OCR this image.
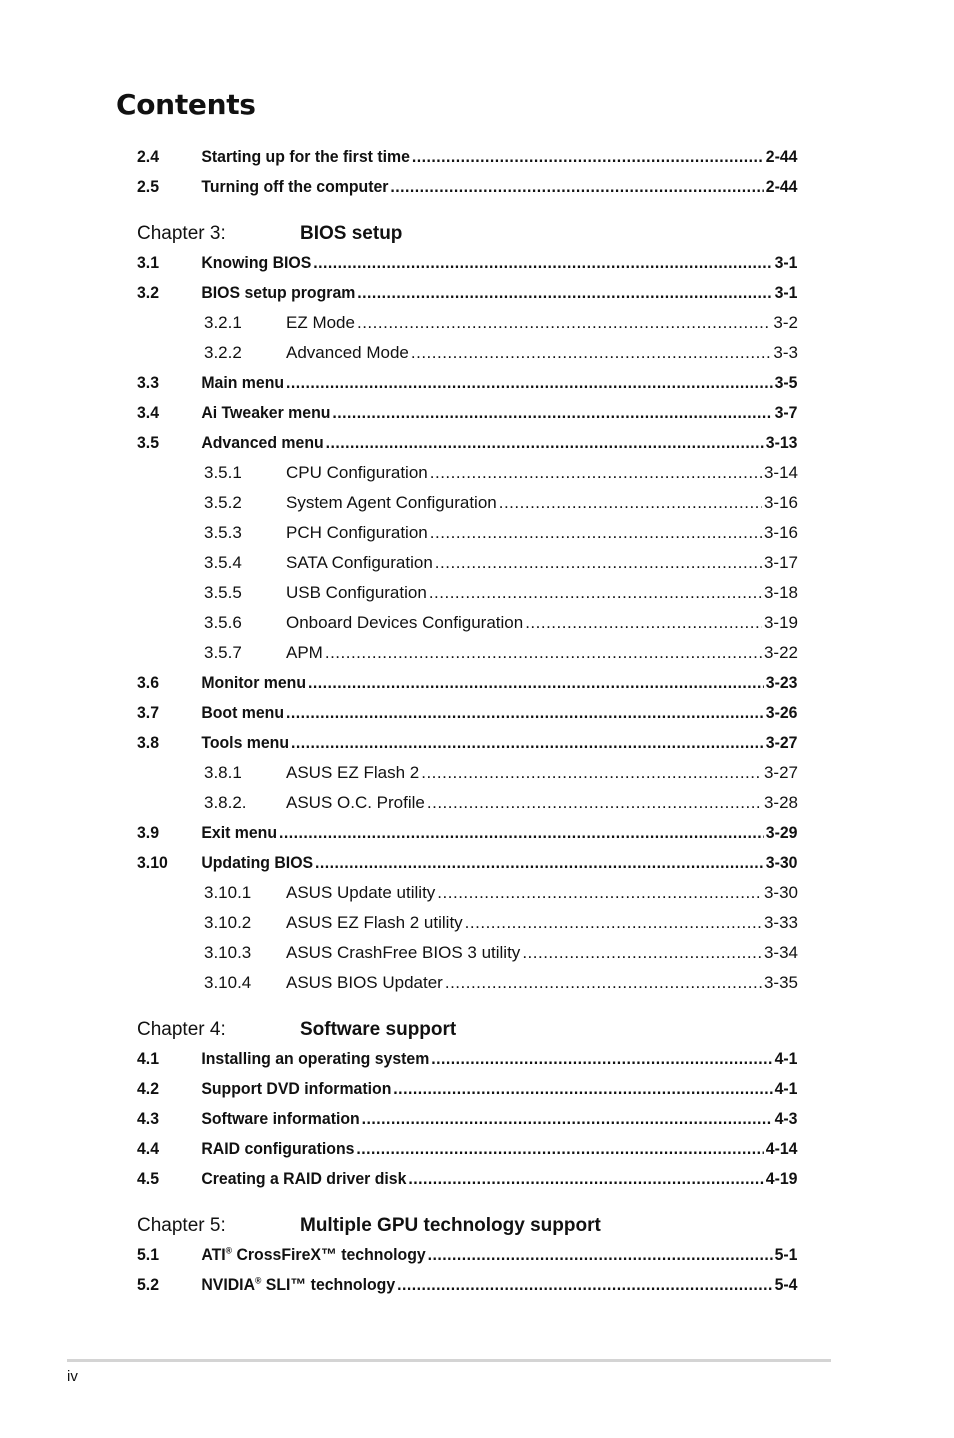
Contents
2.4	Starting up for the first time .....	2-44
2.5	Turning off the computer .....	2-44
Chapter 3:	BIOS setup
3.1	Knowing BIOS .....	3-1
3.2	BIOS setup program .....	3-1
3.2.1	EZ Mode .....	3-2
3.2.2	Advanced Mode .....	3-3
3.3	Main menu .....	3-5
3.4	Ai Tweaker menu .....	3-7
3.5	Advanced menu .....	3-13
3.5.1	CPU Configuration .....	3-14
3.5.2	System Agent Configuration .....	3-16
3.5.3	PCH Configuration .....	3-16
3.5.4	SATA Configuration .....	3-17
3.5.5	USB Configuration .....	3-18
3.5.6	Onboard Devices Configuration .....	3-19
3.5.7	APM .....	3-22
3.6	Monitor menu .....	3-23
3.7	Boot menu .....	3-26
3.8	Tools menu .....	3-27
3.8.1	ASUS EZ Flash 2 .....	3-27
3.8.2.	ASUS O.C. Profile .....	3-28
3.9	Exit menu .....	3-29
3.10	Updating BIOS .....	3-30
3.10.1	ASUS Update utility .....	3-30
3.10.2	ASUS EZ Flash 2 utility .....	3-33
3.10.3	ASUS CrashFree BIOS 3 utility .....	3-34
3.10.4	ASUS BIOS Updater .....	3-35
Chapter 4:	Software support
4.1	Installing an operating system .....	4-1
4.2	Support DVD information .....	4-1
4.3	Software information .....	4-3
4.4	RAID configurations .....	4-14
4.5	Creating a RAID driver disk .....	4-19
Chapter 5:	Multiple GPU technology support
5.1	ATI® CrossFireX™ technology .....	5-1
5.2	NVIDIA® SLI™ technology .....	5-4
iv
